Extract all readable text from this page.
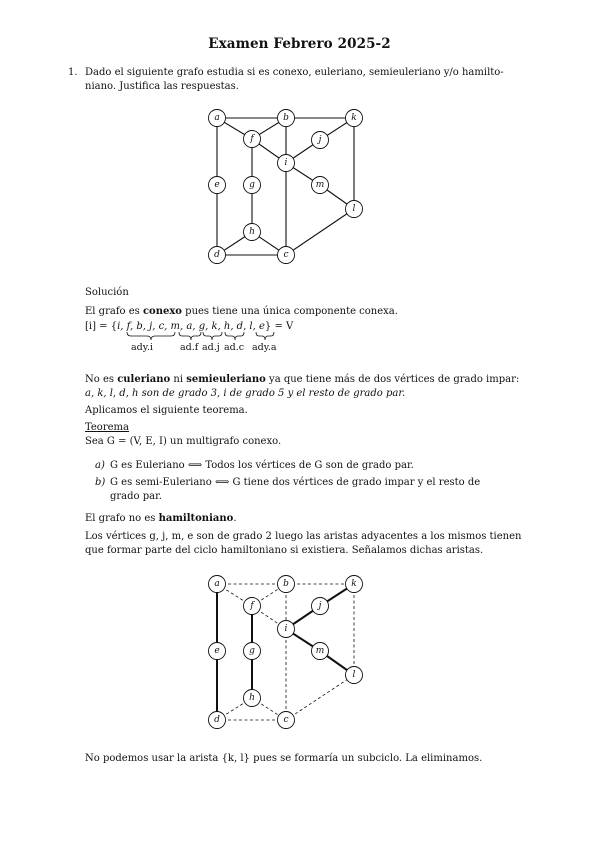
Examen Febrero 2025-2
1. Dado el siguiente grafo estudia si es conexo, euleriano, semieuleriano y/o hamilto-
niano. Justifica las respuestas.
a	b	k
f	j
i
e	g	m
l
h
d	c
a	b	k
f	j
i
e	g	m
l
h
d	c
ady.i	ad.f ad.j ad.c ady.a
Solución
El grafo es conexo pues tiene una única componente conexa.
[i] = {i, f, b, j, c, m, a, g, k, h, d, l, e} = V
No es culeriano ni semieuleriano ya que tiene más de dos vértices de grado impar:
a, k, l, d, h son de grado 3, i de grado 5 y el resto de grado par.
Aplicamos el siguiente teorema.
Teorema
Sea G = (V, E, I) un multigrafo conexo.
a) G es Euleriano ⟺ Todos los vértices de G son de grado par.
b) G es semi-Euleriano ⟺ G tiene dos vértices de grado impar y el resto de
grado par.
El grafo no es hamiltoniano.
Los vértices g, j, m, e son de grado 2 luego las aristas adyacentes a los mismos tienen
que formar parte del ciclo hamiltoniano si existiera. Señalamos dichas aristas.
No podemos usar la arista {k, l} pues se formaría un subciclo. La eliminamos.
